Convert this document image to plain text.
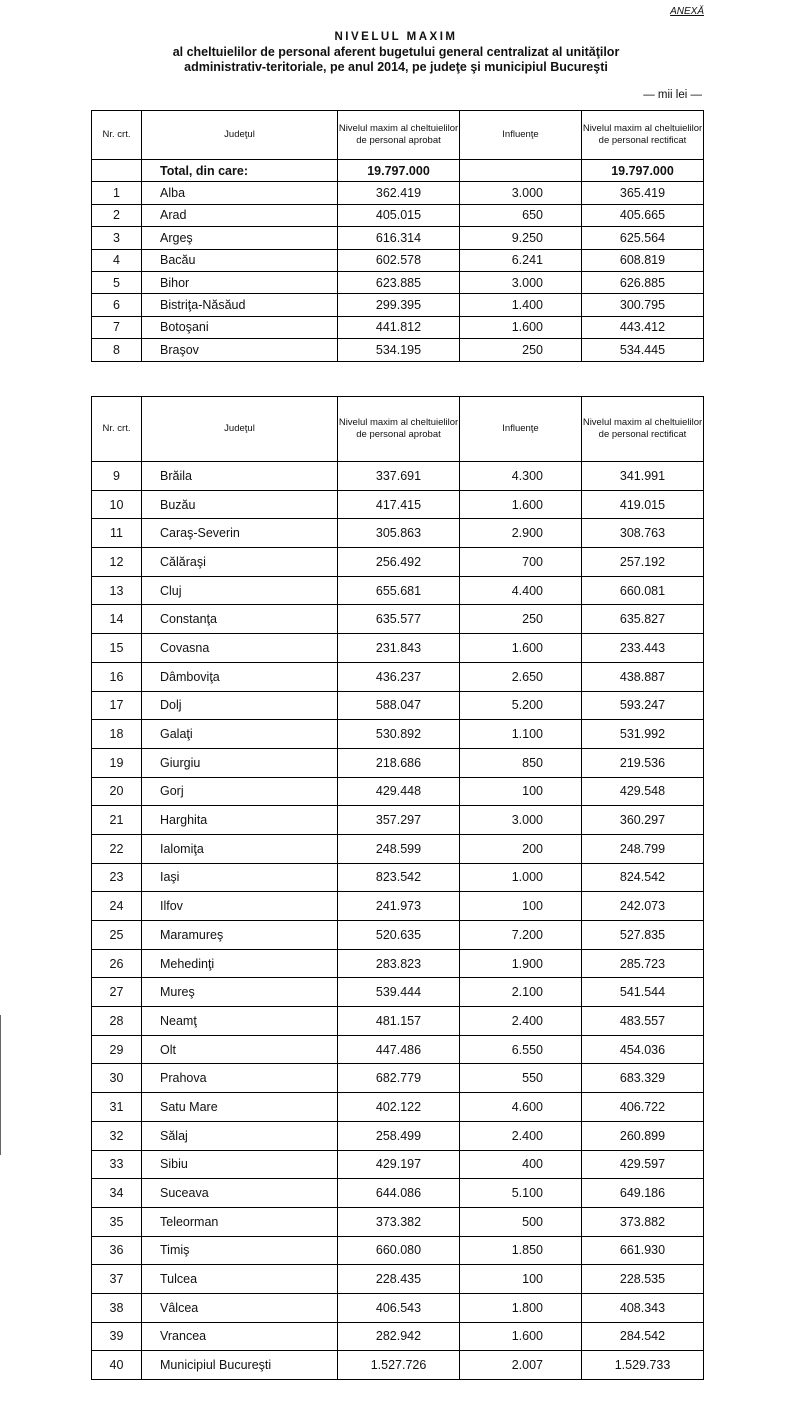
ANEXĂ
NIVELUL MAXIM
al cheltuielilor de personal aferent bugetului general centralizat al unităţilor
administrativ-teritoriale, pe anul 2014, pe judeţe şi municipiul Bucureşti
— mii lei —
Nr. crt.	Judeţul	Nivelul maxim al cheltuielilor de personal aprobat	Influenţe	Nivelul maxim al cheltuielilor de personal rectificat
	Total, din care:	19.797.000		19.797.000
1	Alba	362.419	3.000	365.419
2	Arad	405.015	650	405.665
3	Argeş	616.314	9.250	625.564
4	Bacău	602.578	6.241	608.819
5	Bihor	623.885	3.000	626.885
6	Bistriţa-Năsăud	299.395	1.400	300.795
7	Botoşani	441.812	1.600	443.412
8	Braşov	534.195	250	534.445
Nr. crt.	Judeţul	Nivelul maxim al cheltuielilor de personal aprobat	Influenţe	Nivelul maxim al cheltuielilor de personal rectificat
9	Brăila	337.691	4.300	341.991
10	Buzău	417.415	1.600	419.015
11	Caraş-Severin	305.863	2.900	308.763
12	Călăraşi	256.492	700	257.192
13	Cluj	655.681	4.400	660.081
14	Constanţa	635.577	250	635.827
15	Covasna	231.843	1.600	233.443
16	Dâmboviţa	436.237	2.650	438.887
17	Dolj	588.047	5.200	593.247
18	Galaţi	530.892	1.100	531.992
19	Giurgiu	218.686	850	219.536
20	Gorj	429.448	100	429.548
21	Harghita	357.297	3.000	360.297
22	Ialomiţa	248.599	200	248.799
23	Iaşi	823.542	1.000	824.542
24	Ilfov	241.973	100	242.073
25	Maramureş	520.635	7.200	527.835
26	Mehedinţi	283.823	1.900	285.723
27	Mureş	539.444	2.100	541.544
28	Neamţ	481.157	2.400	483.557
29	Olt	447.486	6.550	454.036
30	Prahova	682.779	550	683.329
31	Satu Mare	402.122	4.600	406.722
32	Sălaj	258.499	2.400	260.899
33	Sibiu	429.197	400	429.597
34	Suceava	644.086	5.100	649.186
35	Teleorman	373.382	500	373.882
36	Timiş	660.080	1.850	661.930
37	Tulcea	228.435	100	228.535
38	Vâlcea	406.543	1.800	408.343
39	Vrancea	282.942	1.600	284.542
40	Municipiul Bucureşti	1.527.726	2.007	1.529.733
